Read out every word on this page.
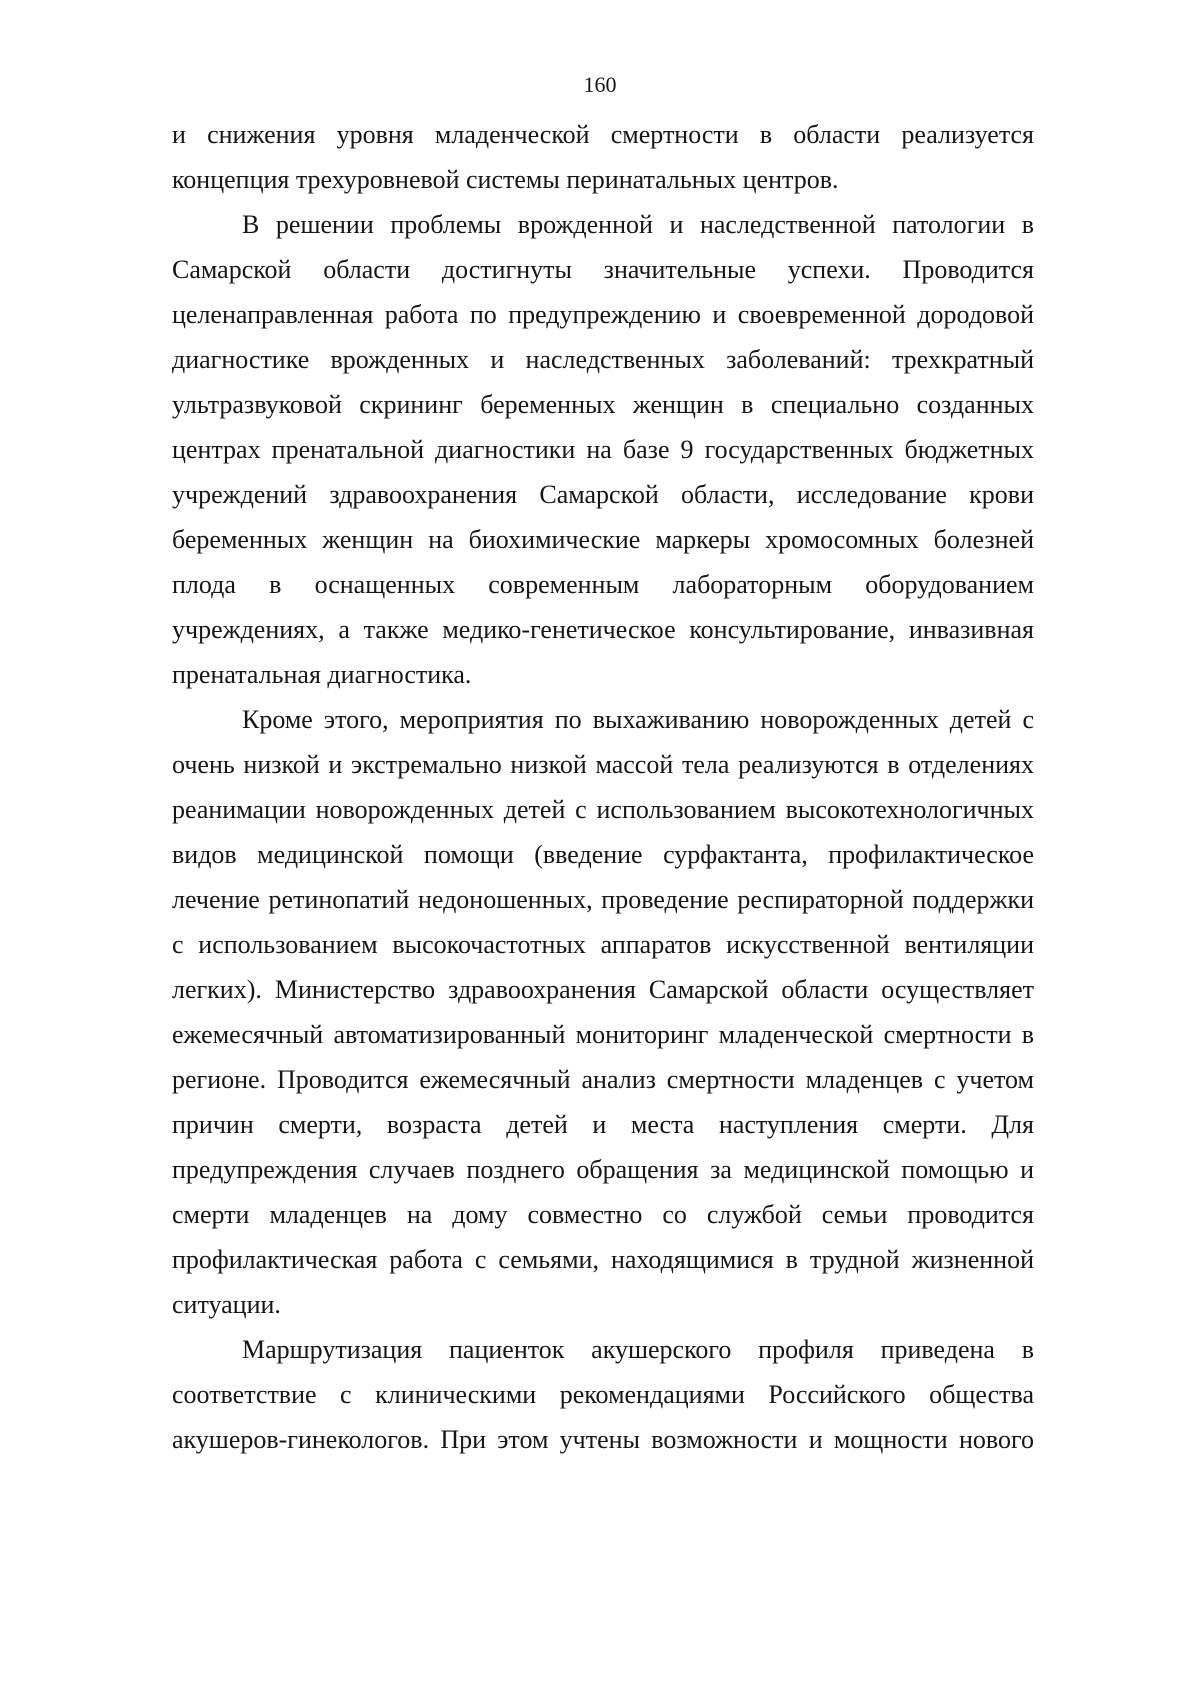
160

и снижения уровня младенческой смертности в области реализуется концепция трехуровневой системы перинатальных центров.

В решении проблемы врожденной и наследственной патологии в Самарской области достигнуты значительные успехи. Проводится целенаправленная работа по предупреждению и своевременной дородовой диагностике врожденных и наследственных заболеваний: трехкратный ультразвуковой скрининг беременных женщин в специально созданных центрах пренатальной диагностики на базе 9 государственных бюджетных учреждений здравоохранения Самарской области, исследование крови беременных женщин на биохимические маркеры хромосомных болезней плода в оснащенных современным лабораторным оборудованием учреждениях, а также медико-генетическое консультирование, инвазивная пренатальная диагностика.

Кроме этого, мероприятия по выхаживанию новорожденных детей с очень низкой и экстремально низкой массой тела реализуются в отделениях реанимации новорожденных детей с использованием высокотехнологичных видов медицинской помощи (введение сурфактанта, профилактическое лечение ретинопатий недоношенных, проведение респираторной поддержки с использованием высокочастотных аппаратов искусственной вентиляции легких). Министерство здравоохранения Самарской области осуществляет ежемесячный автоматизированный мониторинг младенческой смертности в регионе. Проводится ежемесячный анализ смертности младенцев с учетом причин смерти, возраста детей и места наступления смерти. Для предупреждения случаев позднего обращения за медицинской помощью и смерти младенцев на дому совместно со службой семьи проводится профилактическая работа с семьями, находящимися в трудной жизненной ситуации.

Маршрутизация пациенток акушерского профиля приведена в соответствие с клиническими рекомендациями Российского общества акушеров-гинекологов. При этом учтены возможности и мощности нового
